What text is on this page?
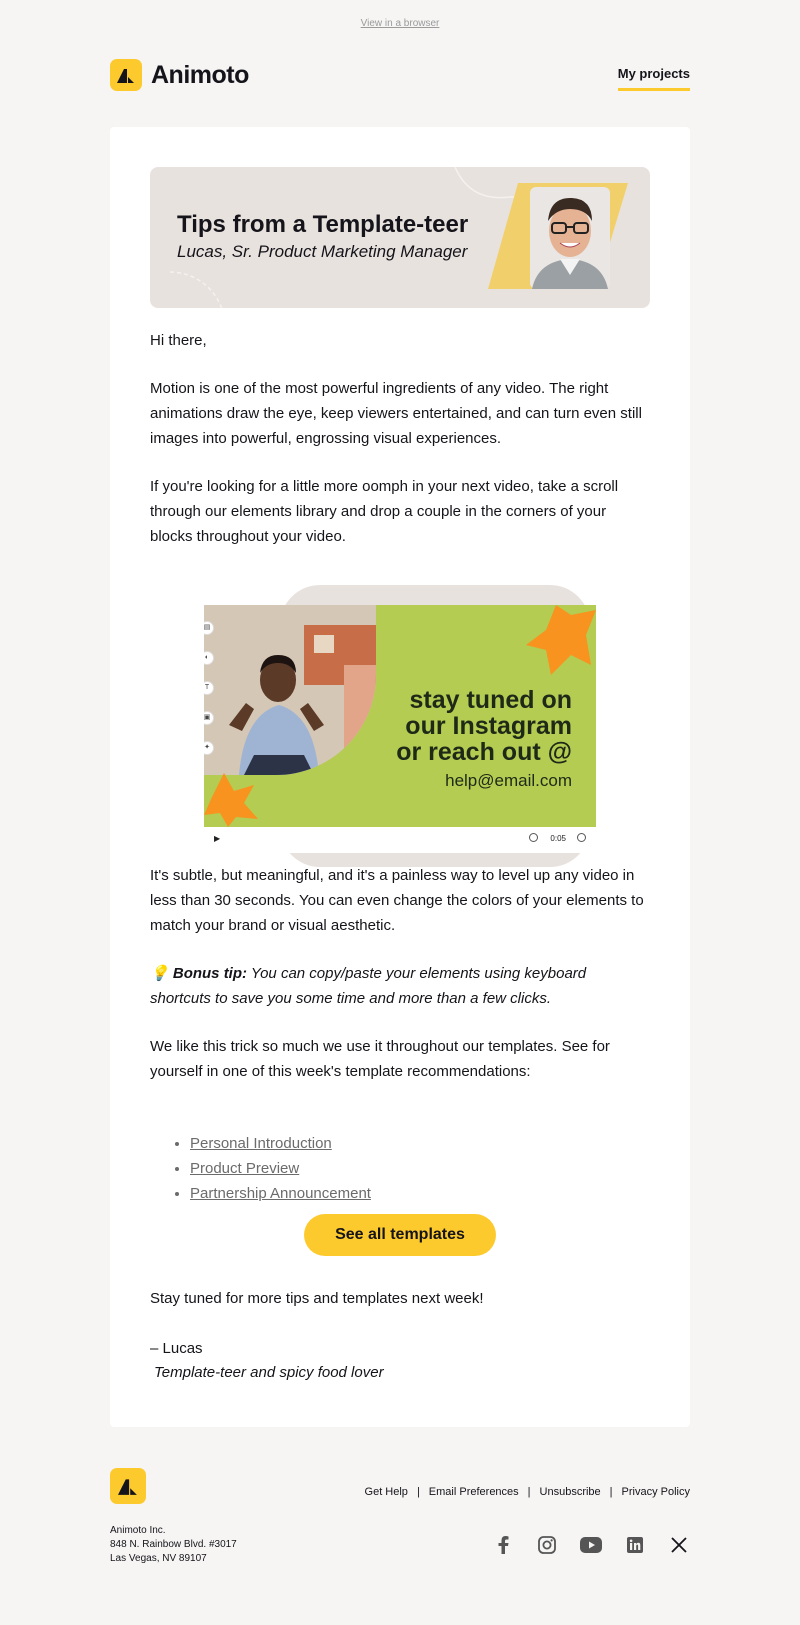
View in a browser
Animoto	My projects
Tips from a Template-teer
Lucas, Sr. Product Marketing Manager

Hi there,

Motion is one of the most powerful ingredients of any video. The right animations draw the eye, keep viewers entertained, and can turn even still images into powerful, engrossing visual experiences.

If you're looking for a little more oomph in your next video, take a scroll through our elements library and drop a couple in the corners of your blocks throughout your video.

▤
◐
T
▣
✦
stay tuned on
our Instagram
or reach out @
help@email.com
▶	0:05

It's subtle, but meaningful, and it's a painless way to level up any video in less than 30 seconds. You can even change the colors of your elements to match your brand or visual aesthetic.

💡 Bonus tip: You can copy/paste your elements using keyboard shortcuts to save you some time and more than a few clicks.

We like this trick so much we use it throughout our templates. See for yourself in one of this week's template recommendations:

• Personal Introduction
• Product Preview
• Partnership Announcement
See all templates

Stay tuned for more tips and templates next week!

– Lucas

Template-teer and spicy food lover

Get Help | Email Preferences | Unsubscribe | Privacy Policy
Animoto Inc.
848 N. Rainbow Blvd. #3017
Las Vegas, NV 89107
